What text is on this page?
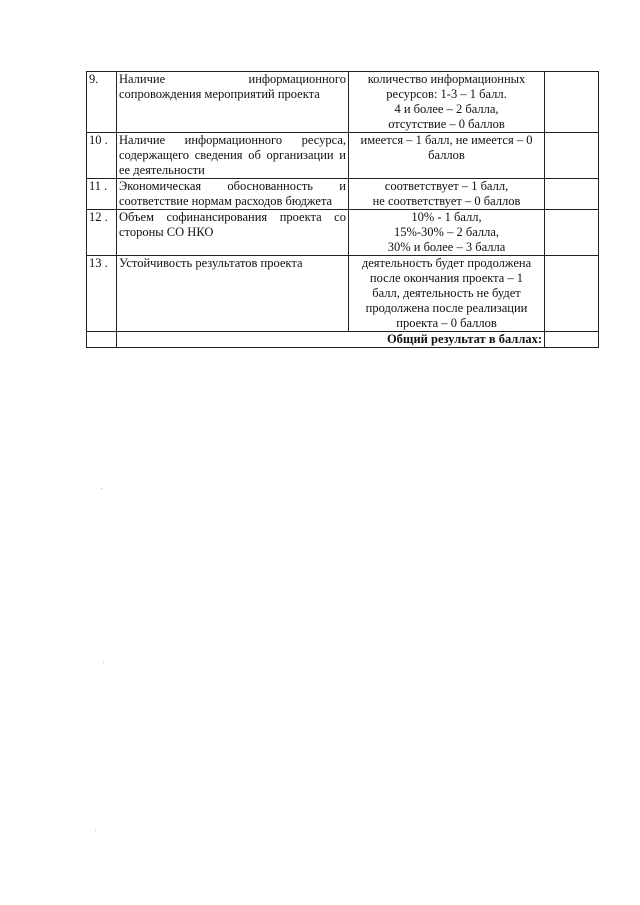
9.	Наличие информационного
сопровождения мероприятий проекта	количество информационных
ресурсов: 1-3 – 1 балл.
4 и более – 2 балла,
отсутствие – 0 баллов	

10 .	Наличие информационного ресурса,
содержащего сведения об организации и
ее деятельности	имеется – 1 балл, не имеется – 0
баллов	

11 .	Экономическая обоснованность и
соответствие нормам расходов бюджета	соответствует – 1 балл,
не соответствует – 0 баллов	

12 .	Объем софинансирования проекта со
стороны СО НКО	10% - 1 балл,
15%-30% – 2 балла,
30% и более – 3 балла	

13 .	Устойчивость результатов проекта	деятельность будет продолжена
после окончания проекта – 1
балл, деятельность не будет
продолжена после реализации
проекта – 0 баллов	

	Общий результат в баллах:		
